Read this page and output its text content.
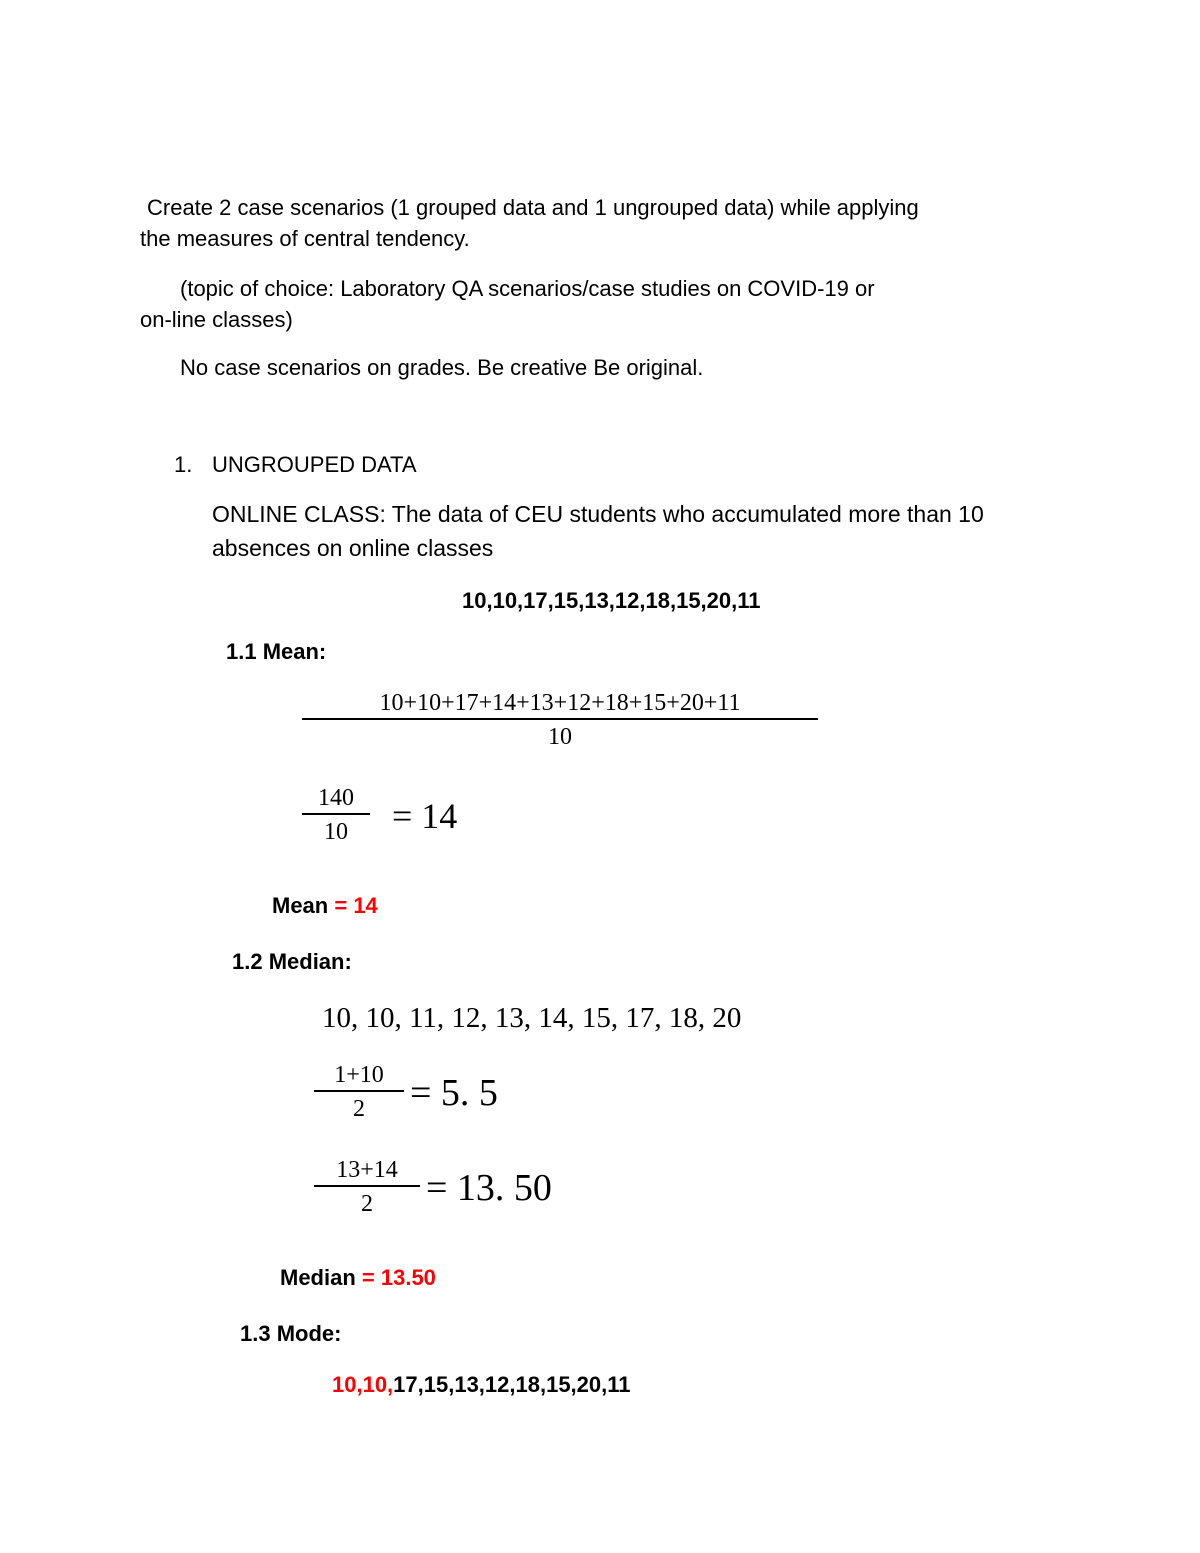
Create 2 case scenarios (1 grouped data and 1 ungrouped data) while applying
the measures of central tendency.
(topic of choice: Laboratory QA scenarios/case studies on COVID-19 or
on-line classes)
No case scenarios on grades. Be creative Be original.
1. UNGROUPED DATA
ONLINE CLASS: The data of CEU students who accumulated more than 10
absences on online classes
10,10,17,15,13,12,18,15,20,11
1.1 Mean:
10+10+17+14+13+12+18+15+20+11
10
140
10	= 14
Mean = 14
1.2 Median:
10, 10, 11, 12, 13, 14, 15, 17, 18, 20
1+10
2	= 5. 5
13+14
2	= 13. 50
Median = 13.50
1.3 Mode:
10,10,17,15,13,12,18,15,20,11
